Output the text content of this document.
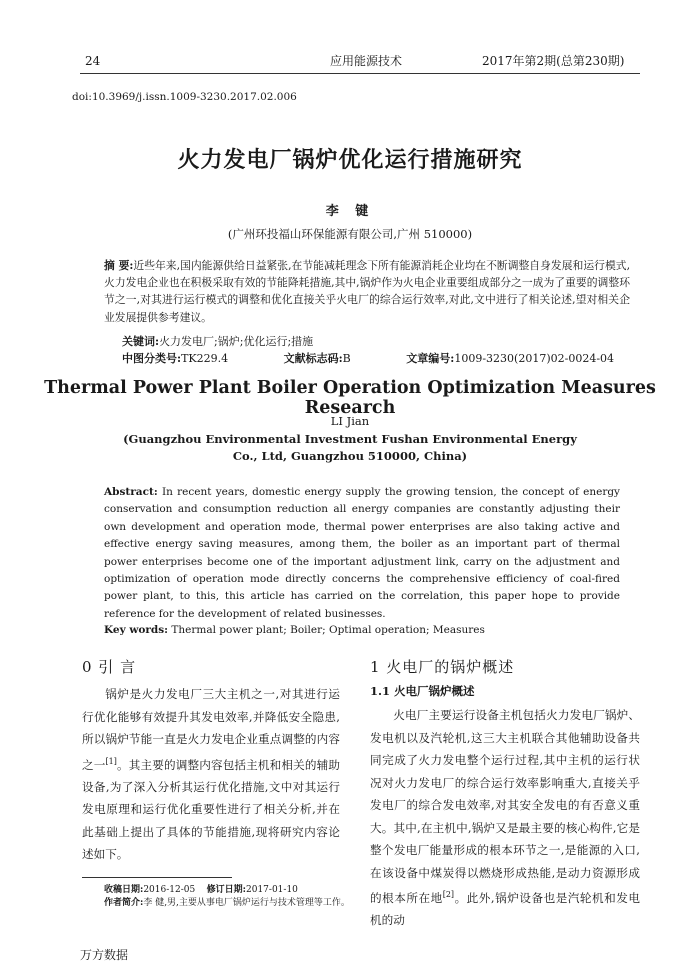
24	应用能源技术	2017年第2期(总第230期)
doi:10.3969/j.issn.1009-3230.2017.02.006
火力发电厂锅炉优化运行措施研究
李 键
(广州环投福山环保能源有限公司,广州 510000)
摘 要:近些年来,国内能源供给日益紧张,在节能减耗理念下所有能源消耗企业均在不断调整自身发展和运行模式,火力发电企业也在积极采取有效的节能降耗措施,其中,锅炉作为火电企业重要组成部分之一成为了重要的调整环节之一,对其进行运行模式的调整和优化直接关乎火电厂的综合运行效率,对此,文中进行了相关论述,望对相关企业发展提供参考建议。
关键词:火力发电厂;锅炉;优化运行;措施
中图分类号:TK229.4	文献标志码:B	文章编号:1009-3230(2017)02-0024-04
Thermal Power Plant Boiler Operation Optimization Measures Research
LI Jian
(Guangzhou Environmental Investment Fushan Environmental Energy Co., Ltd, Guangzhou 510000, China)
Abstract: In recent years, domestic energy supply the growing tension, the concept of energy conservation and consumption reduction all energy companies are constantly adjusting their own development and operation mode, thermal power enterprises are also taking active and effective energy saving measures, among them, the boiler as an important part of thermal power enterprises become one of the important adjustment link, carry on the adjustment and optimization of operation mode directly concerns the comprehensive efficiency of coal-fired power plant, to this, this article has carried on the correlation, this paper hope to provide reference for the development of related businesses.
Key words: Thermal power plant; Boiler; Optimal operation; Measures
0 引 言	1 火电厂的锅炉概述
1.1 火电厂锅炉概述
锅炉是火力发电厂三大主机之一,对其进行运行优化能够有效提升其发电效率,并降低安全隐患,所以锅炉节能一直是火力发电企业重点调整的内容之一[1]。其主要的调整内容包括主机和相关的辅助设备,为了深入分析其运行优化措施,文中对其运行发电原理和运行优化重要性进行了相关分析,并在此基础上提出了具体的节能措施,现将研究内容论述如下。
火电厂主要运行设备主机包括火力发电厂锅炉、发电机以及汽轮机,这三大主机联合其他辅助设备共同完成了火力发电整个运行过程,其中主机的运行状况对火力发电厂的综合运行效率影响重大,直接关乎发电厂的综合发电效率,对其安全发电的有否意义重大。其中,在主机中,锅炉又是最主要的核心构件,它是整个发电厂能量形成的根本环节之一,是能源的入口,在该设备中煤炭得以燃烧形成热能,是动力资源形成的根本所在地[2]。此外,锅炉设备也是汽轮机和发电机的动
收稿日期:2016-12-05 修订日期:2017-01-10
作者简介:李 健,男,主要从事电厂锅炉运行与技术管理等工作。
万方数据
